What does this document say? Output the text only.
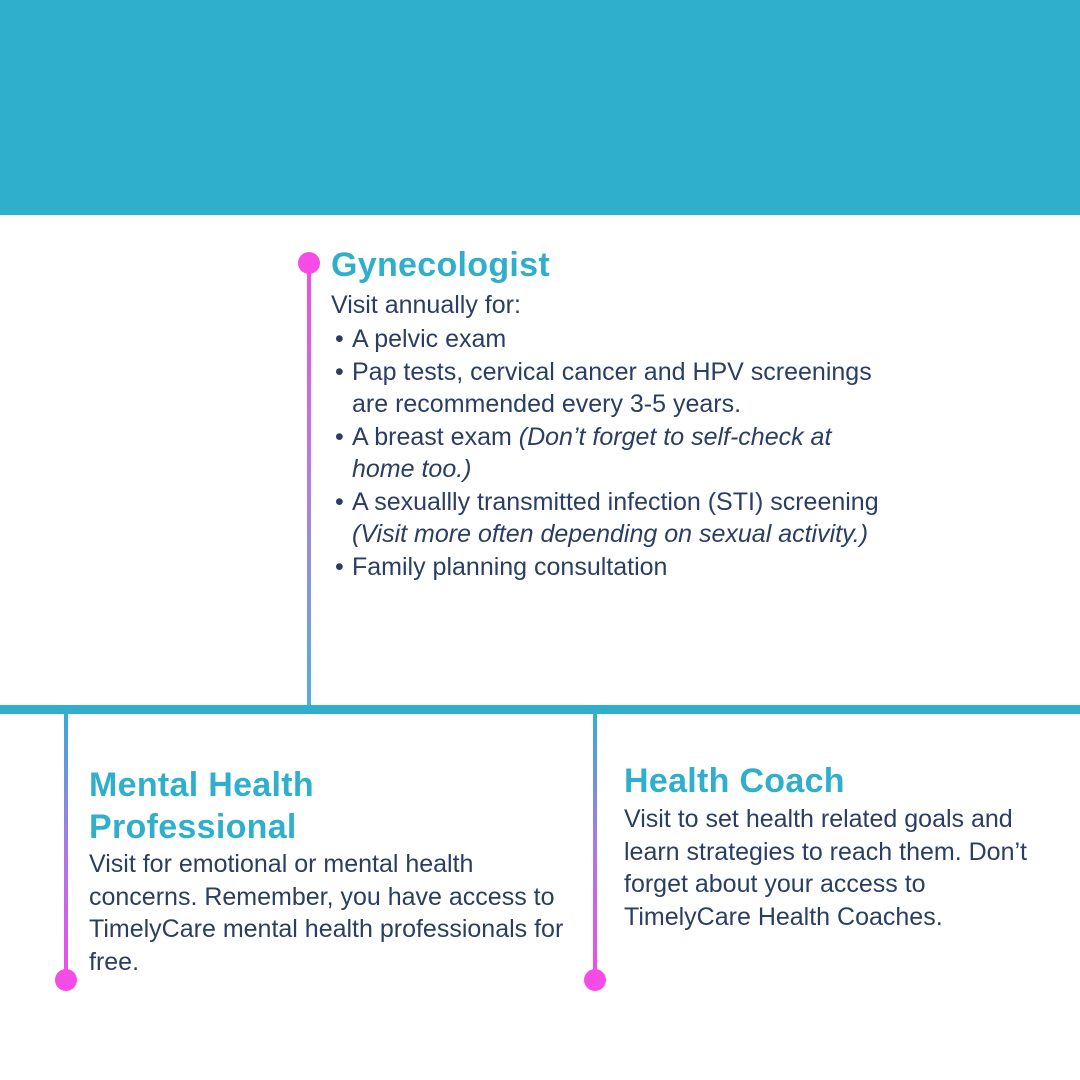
Gynecologist

Visit annually for:

• A pelvic exam
• Pap tests, cervical cancer and HPV screenings are recommended every 3-5 years.
• A breast exam (Don’t forget to self-check at home too.)
• A sexuallly transmitted infection (STI) screening (Visit more often depending on sexual activity.)
• Family planning consultation
Mental Health Professional

Visit for emotional or mental health concerns. Remember, you have access to TimelyCare mental health professionals for free.

Health Coach

Visit to set health related goals and learn strategies to reach them. Don’t forget about your access to TimelyCare Health Coaches.
